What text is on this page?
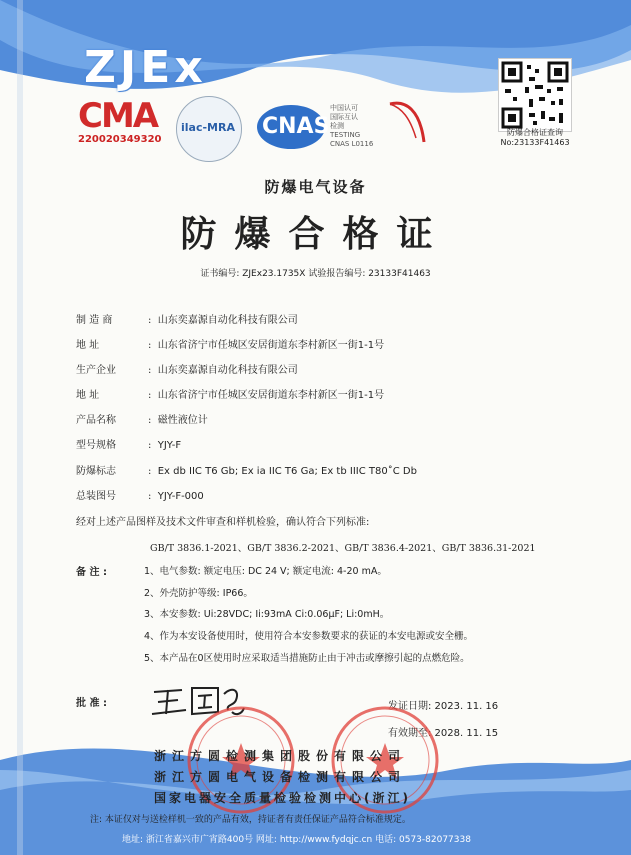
ZJEx
CMA
220020349320
ilac-MRA CNAS
中国认可
国际互认
检测
TESTING
CNAS L0116
防爆合格证查询
No:23133F41463
防爆电气设备
防爆合格证
证书编号: ZJEx23.1735X 试验报告编号: 23133F41463
制 造 商	: 山东奕嘉源自动化科技有限公司
地 址	: 山东省济宁市任城区安居街道东李村新区一街1-1号
生产企业	: 山东奕嘉源自动化科技有限公司
地 址	: 山东省济宁市任城区安居街道东李村新区一街1-1号
产品名称	: 磁性液位计
型号规格	: YJY-F
防爆标志	: Ex db IIC T6 Gb; Ex ia IIC T6 Ga; Ex tb IIIC T80˚C Db
总装图号	: YJY-F-000
经对上述产品图样及技术文件审查和样机检验，确认符合下列标准:
GB/T 3836.1-2021、GB/T 3836.2-2021、GB/T 3836.4-2021、GB/T 3836.31-2021
备 注 :	1、电气参数: 额定电压: DC 24 V; 额定电流: 4-20 mA。
2、外壳防护等级: IP66。
3、本安参数: Ui:28VDC; Ii:93mA Ci:0.06μF; Li:0mH。
4、作为本安设备使用时，使用符合本安参数要求的获证的本安电源或安全栅。
5、本产品在0区使用时应采取适当措施防止由于冲击或摩擦引起的点燃危险。
批 准 :	发证日期: 2023. 11. 16
有效期至: 2028. 11. 15
浙江方圆检测集团股份有限公司
浙江方圆电气设备检测有限公司
国家电器安全质量检验检测中心(浙江)
注: 本证仅对与送检样机一致的产品有效，持证者有责任保证产品符合标准规定。
地址: 浙江省嘉兴市广宵路400号 网址: http://www.fydqjc.cn 电话: 0573-82077338
